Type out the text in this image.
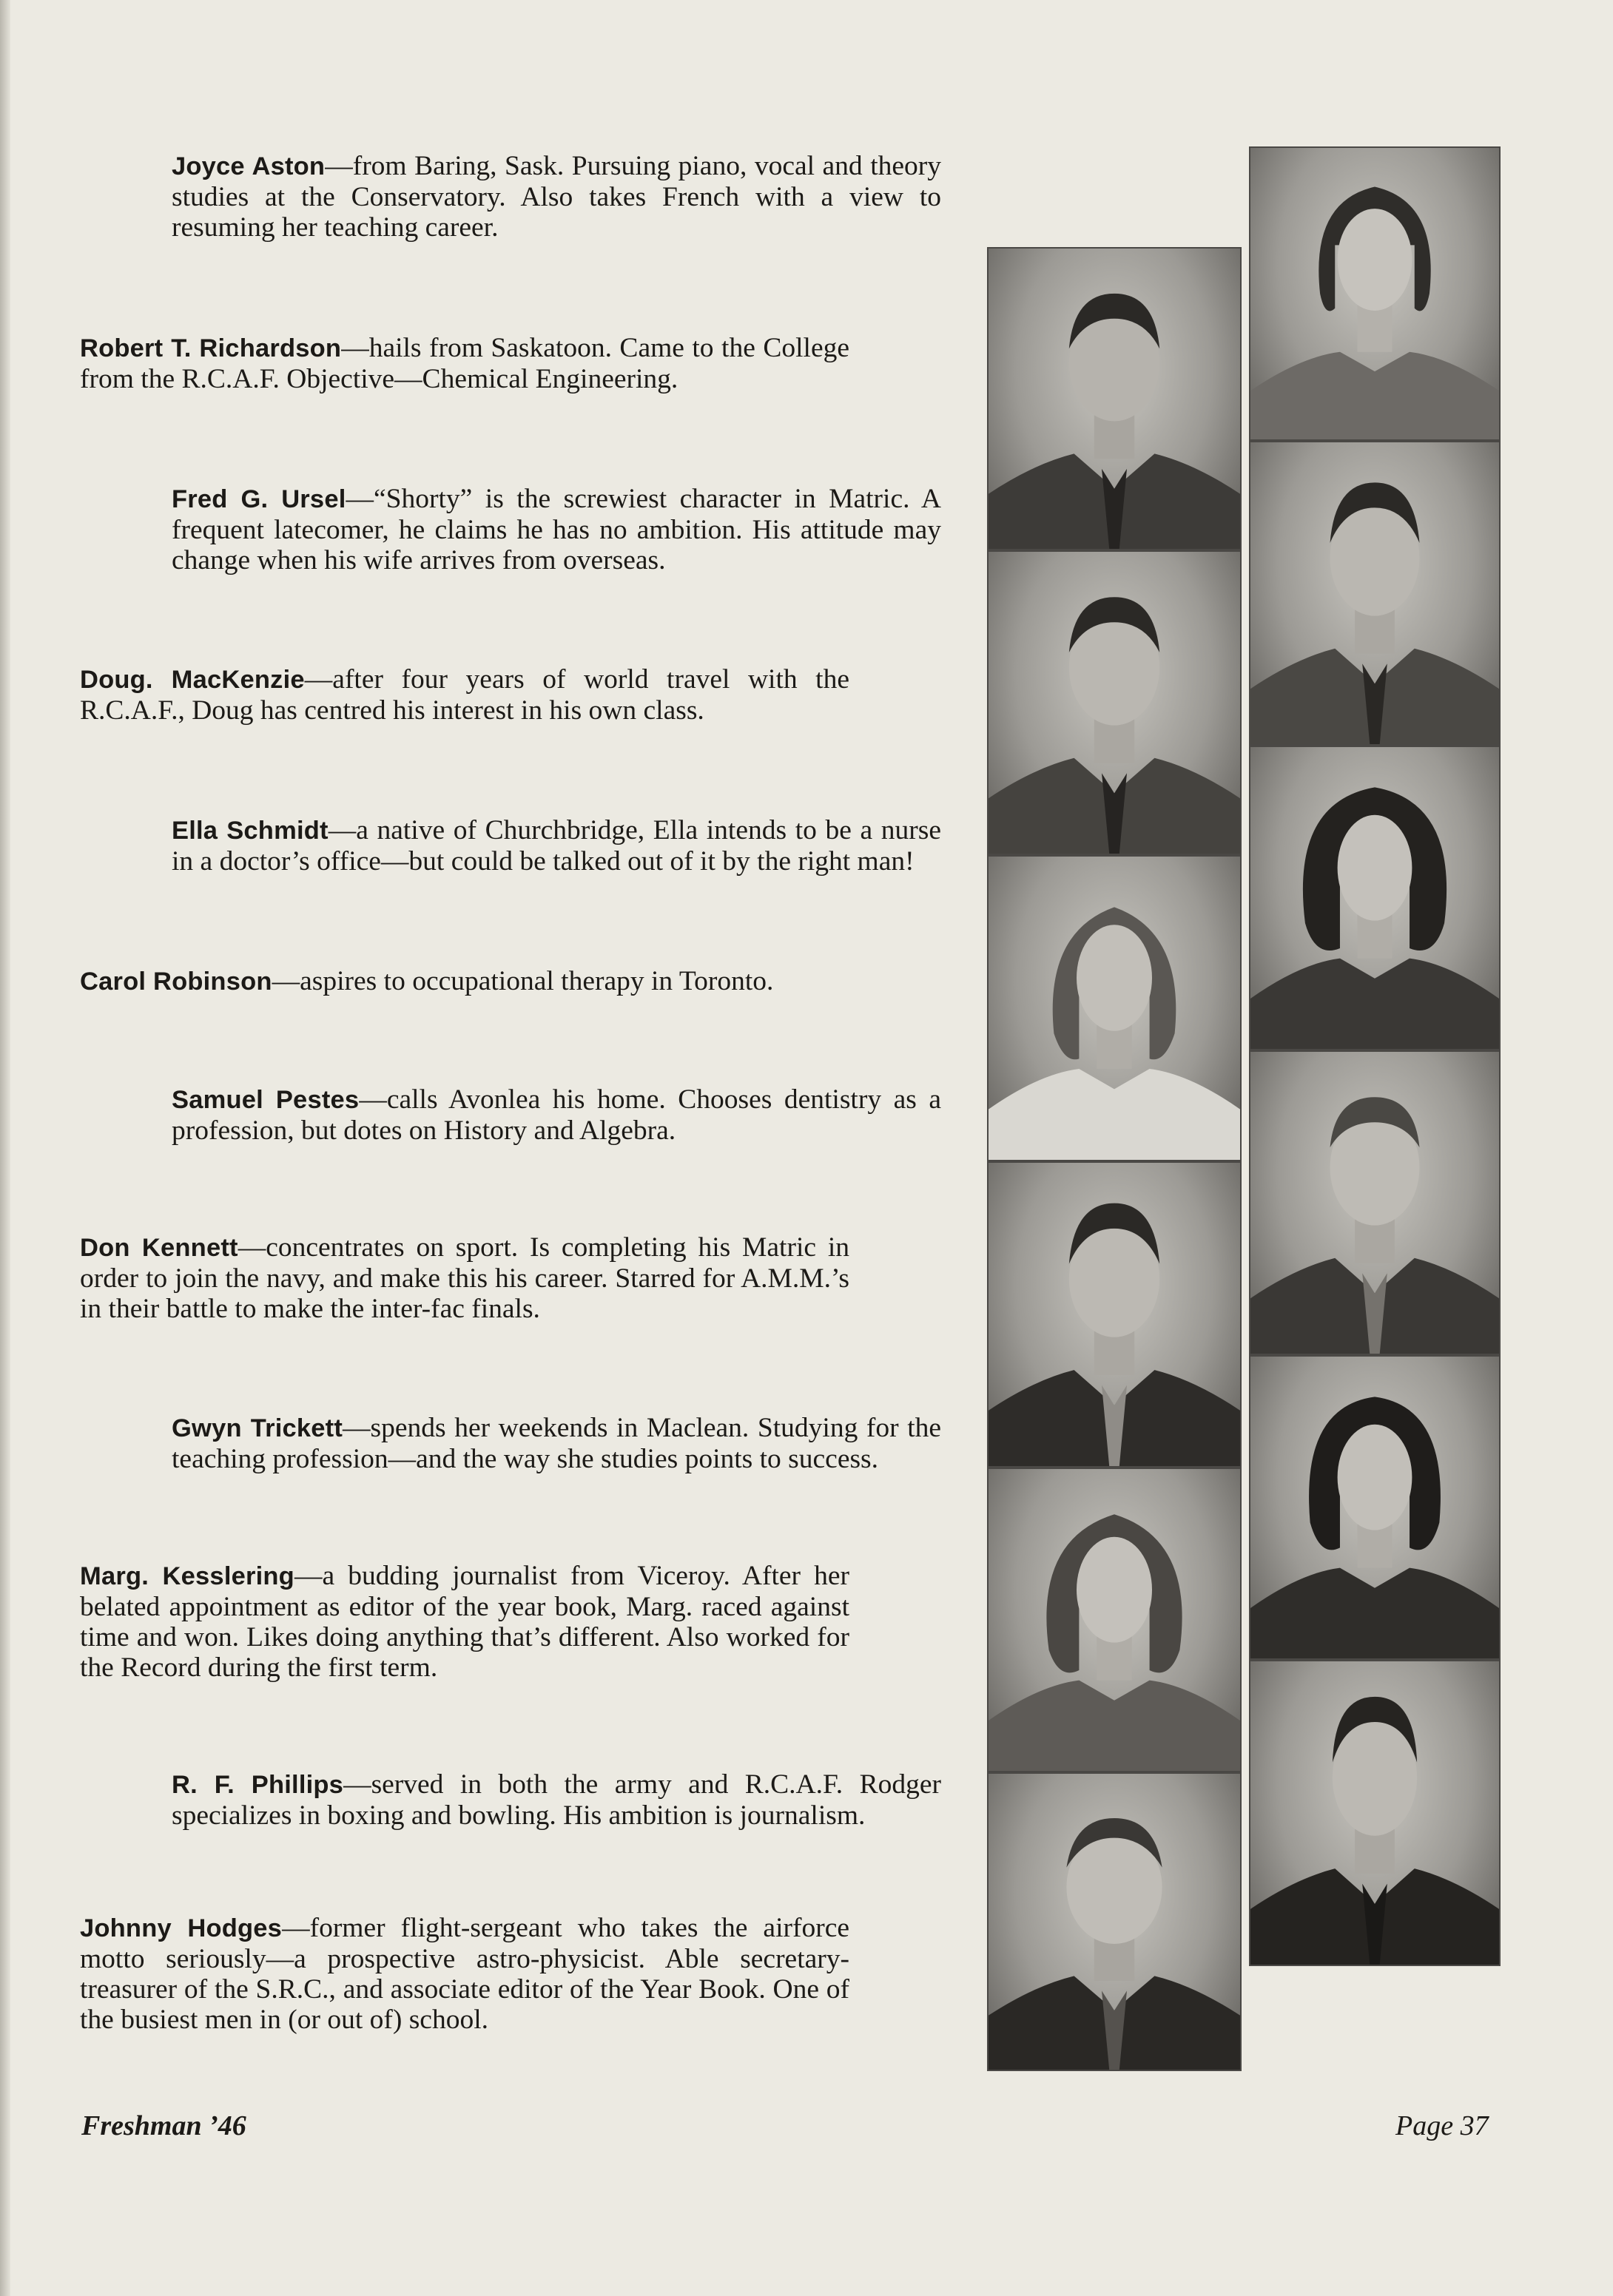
Joyce Aston—from Baring, Sask. Pursuing piano, vocal and theory studies at the Conservatory. Also takes French with a view to resuming her teaching career.

Robert T. Richardson—hails from Saskatoon. Came to the College from the R.C.A.F. Objective—Chemical Engineering.

Fred G. Ursel—“Shorty” is the screwiest character in Matric. A frequent latecomer, he claims he has no ambition. His attitude may change when his wife arrives from overseas.

Doug. MacKenzie—after four years of world travel with the R.C.A.F., Doug has centred his interest in his own class.

Ella Schmidt—a native of Churchbridge, Ella intends to be a nurse in a doctor’s office—but could be talked out of it by the right man!

Carol Robinson—aspires to occupational therapy in Toronto.

Samuel Pestes—calls Avonlea his home. Chooses dentistry as a profession, but dotes on History and Algebra.

Don Kennett—concentrates on sport. Is completing his Matric in order to join the navy, and make this his career. Starred for A.M.M.’s in their battle to make the inter-fac finals.

Gwyn Trickett—spends her weekends in Maclean. Studying for the teaching profession—and the way she studies points to success.

Marg. Kesslering—a budding journalist from Viceroy. After her belated appointment as editor of the year book, Marg. raced against time and won. Likes doing anything that’s different. Also worked for the Record during the first term.

R. F. Phillips—served in both the army and R.C.A.F. Rodger specializes in boxing and bowling. His ambition is journalism.

Johnny Hodges—former flight-sergeant who takes the airforce motto seriously—a prospective astro-physicist. Able secretary-treasurer of the S.R.C., and associate editor of the Year Book. One of the busiest men in (or out of) school.

Freshman ’46	Page 37
